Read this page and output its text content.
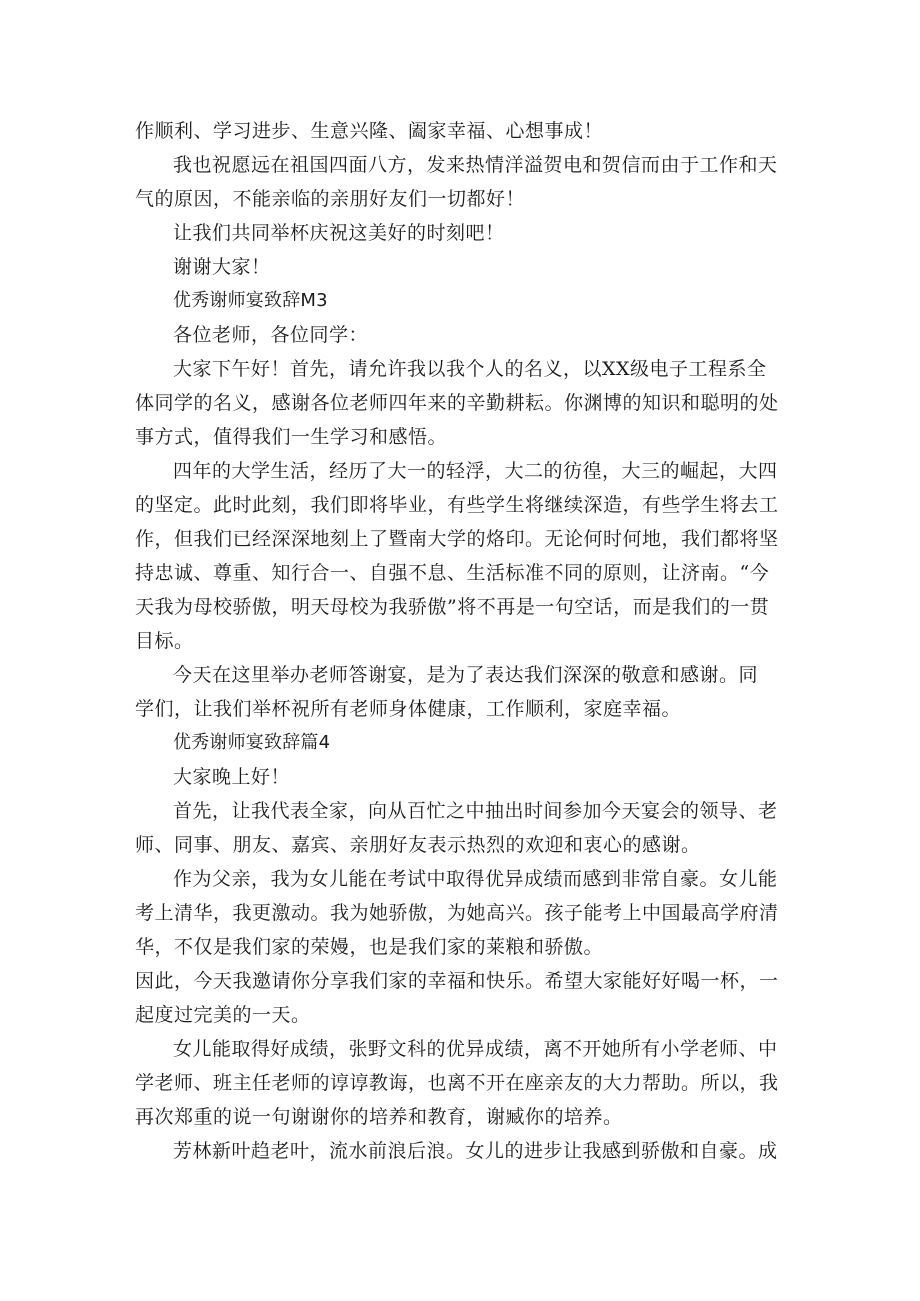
作顺利、学习进步、生意兴隆、阖家幸福、心想事成！
我也祝愿远在祖国四面八方，发来热情洋溢贺电和贺信而由于工作和天
气的原因，不能亲临的亲朋好友们一切都好！
让我们共同举杯庆祝这美好的时刻吧！
谢谢大家！
优秀谢师宴致辞M3
各位老师，各位同学：
大家下午好！首先，请允许我以我个人的名义，以XX级电子工程系全
体同学的名义，感谢各位老师四年来的辛勤耕耘。你渊博的知识和聪明的处
事方式，值得我们一生学习和感悟。
四年的大学生活，经历了大一的轻浮，大二的彷徨，大三的崛起，大四
的坚定。此时此刻，我们即将毕业，有些学生将继续深造，有些学生将去工
作，但我们已经深深地刻上了暨南大学的烙印。无论何时何地，我们都将坚
持忠诚、尊重、知行合一、自强不息、生活标准不同的原则，让济南。“今
天我为母校骄傲，明天母校为我骄傲”将不再是一句空话，而是我们的一贯
目标。
今天在这里举办老师答谢宴，是为了表达我们深深的敬意和感谢。同
学们，让我们举杯祝所有老师身体健康，工作顺利，家庭幸福。
优秀谢师宴致辞篇4
大家晚上好！
首先，让我代表全家，向从百忙之中抽出时间参加今天宴会的领导、老
师、同事、朋友、嘉宾、亲朋好友表示热烈的欢迎和衷心的感谢。
作为父亲，我为女儿能在考试中取得优异成绩而感到非常自豪。女儿能
考上清华，我更激动。我为她骄傲，为她高兴。孩子能考上中国最高学府清
华，不仅是我们家的荣嫚，也是我们家的莱粮和骄傲。
因此，今天我邀请你分享我们家的幸福和快乐。希望大家能好好喝一杯，一
起度过完美的一天。
女儿能取得好成绩，张野文科的优异成绩，离不开她所有小学老师、中
学老师、班主任老师的谆谆教诲，也离不开在座亲友的大力帮助。所以，我
再次郑重的说一句谢谢你的培养和教育，谢臧你的培养。
芳林新叶趋老叶，流水前浪后浪。女儿的进步让我感到骄傲和自豪。成
